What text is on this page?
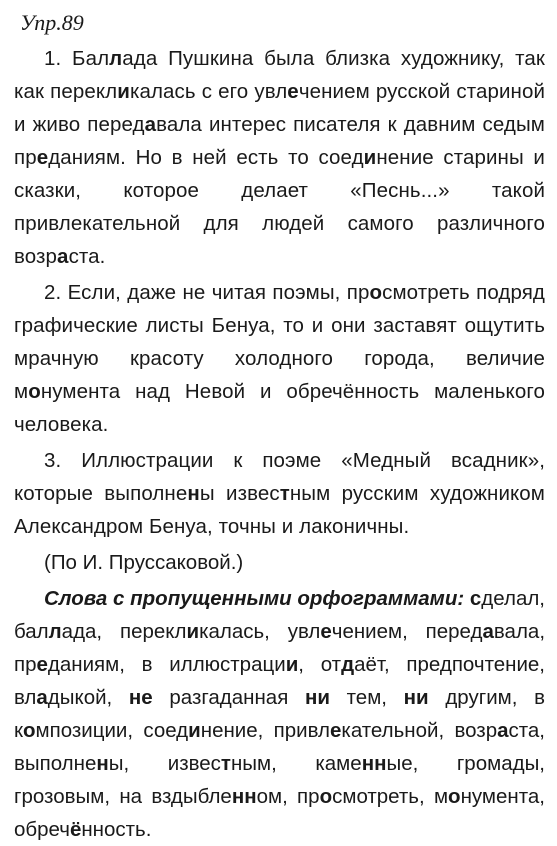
Упр.89

1. Баллада Пушкина была близка художнику, так как перекликалась с его увлечением русской стариной и живо передавала интерес писателя к давним седым преданиям. Но в ней есть то соединение старины и сказки, которое делает «Песнь...» такой привлекательной для людей самого различного возраста.

2. Если, даже не читая поэмы, просмотреть подряд графические листы Бенуа, то и они заставят ощутить мрачную красоту холодного города, величие монумента над Невой и обречённость маленького человека.

3. Иллюстрации к поэме «Медный всадник», которые выполнены известным русским художником Александром Бенуа, точны и лаконичны.

(По И. Пруссаковой.)

Слова с пропущенными орфограммами: сделал, баллада, перекликалась, увлечением, передавала, преданиям, в иллюстрации, отдаёт, предпочтение, владыкой, не разгаданная ни тем, ни другим, в композиции, соединение, привлекательной, возраста, выполнены, известным, каменные, громады, грозовым, на вздыбленном, просмотреть, монумента, обречённость.
